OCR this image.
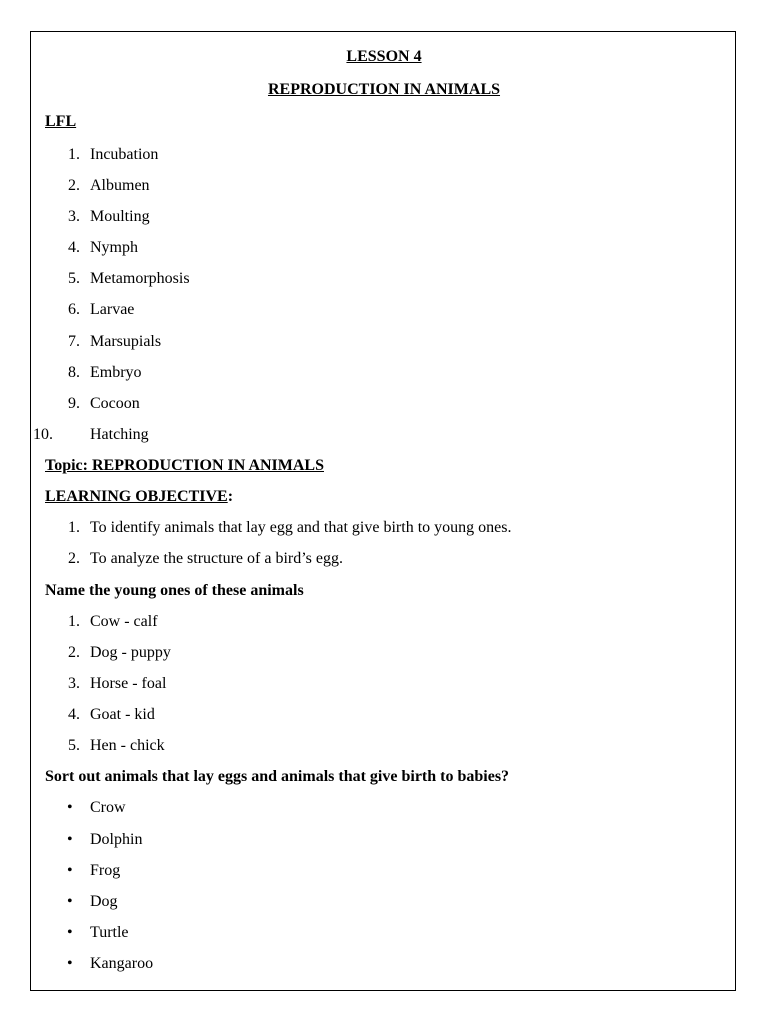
LESSON 4
REPRODUCTION IN ANIMALS
LFL
1. Incubation
2. Albumen
3. Moulting
4. Nymph
5. Metamorphosis
6. Larvae
7. Marsupials
8. Embryo
9. Cocoon
10.	Hatching
Topic: REPRODUCTION IN ANIMALS
LEARNING OBJECTIVE:
1. To identify animals that lay egg and that give birth to young ones.
2. To analyze the structure of a bird’s egg.
Name the young ones of these animals
1. Cow - calf
2. Dog - puppy
3. Horse - foal
4. Goat - kid
5. Hen - chick
Sort out animals that lay eggs and animals that give birth to babies?
• Crow
• Dolphin
• Frog
• Dog
• Turtle
• Kangaroo
